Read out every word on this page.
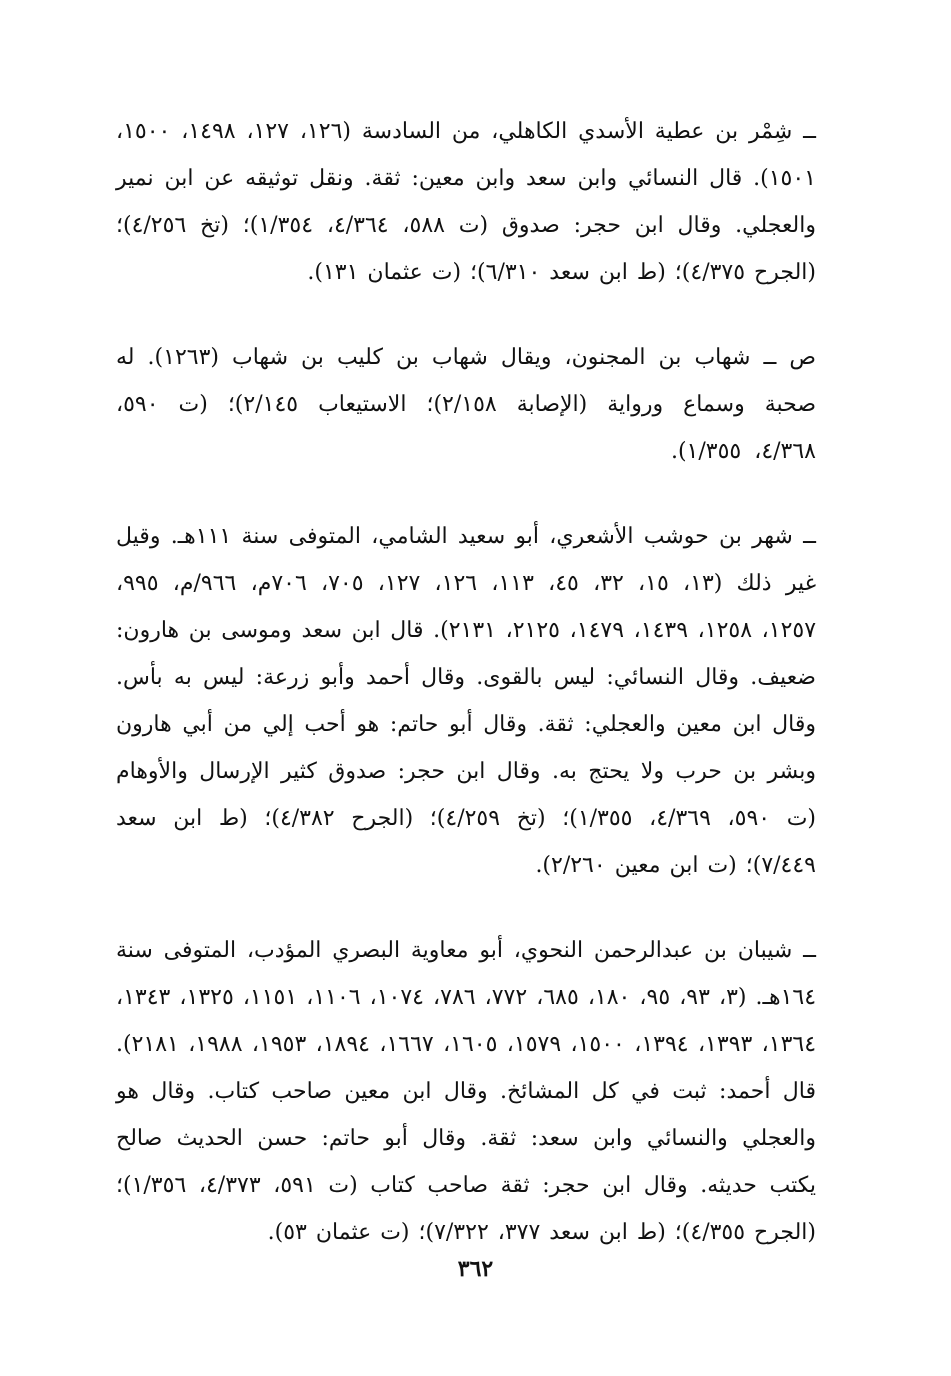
ــ شِمْر بن عطية الأسدي الكاهلي، من السادسة (١٢٦، ١٢٧، ١٤٩٨، ١٥٠٠، ١٥٠١). قال النسائي وابن سعد وابن معين: ثقة. ونقل توثيقه عن ابن نمير والعجلي. وقال ابن حجر: صدوق (ت ٥٨٨، ٤/٣٦٤، ١/٣٥٤)؛ (تخ ٤/٢٥٦)؛ (الجرح ٤/٣٧٥)؛ (ط ابن سعد ٦/٣١٠)؛ (ت عثمان ١٣١).

ص ــ شهاب بن المجنون، ويقال شهاب بن كليب بن شهاب (١٢٦٣). له صحبة وسماع ورواية (الإصابة ٢/١٥٨)؛ الاستيعاب ٢/١٤٥)؛ (ت ٥٩٠، ٤/٣٦٨، ١/٣٥٥).

ــ شهر بن حوشب الأشعري، أبو سعيد الشامي، المتوفى سنة ١١١هـ. وقيل غير ذلك (١٣، ١٥، ٣٢، ٤٥، ١١٣، ١٢٦، ١٢٧، ٧٠٥، ٧٠٦م، ٩٦٦/م، ٩٩٥، ١٢٥٧، ١٢٥٨، ١٤٣٩، ١٤٧٩، ٢١٢٥، ٢١٣١). قال ابن سعد وموسى بن هارون: ضعيف. وقال النسائي: ليس بالقوى. وقال أحمد وأبو زرعة: ليس به بأس. وقال ابن معين والعجلي: ثقة. وقال أبو حاتم: هو أحب إلي من أبي هارون وبشر بن حرب ولا يحتج به. وقال ابن حجر: صدوق كثير الإرسال والأوهام (ت ٥٩٠، ٤/٣٦٩، ١/٣٥٥)؛ (تخ ٤/٢٥٩)؛ (الجرح ٤/٣٨٢)؛ (ط ابن سعد ٧/٤٤٩)؛ (ت ابن معين ٢/٢٦٠).

ــ شيبان بن عبدالرحمن النحوي، أبو معاوية البصري المؤدب، المتوفى سنة ١٦٤هـ. (٣، ٩٣، ٩٥، ١٨٠، ٦٨٥، ٧٧٢، ٧٨٦، ١٠٧٤، ١١٠٦، ١١٥١، ١٣٢٥، ١٣٤٣، ١٣٦٤، ١٣٩٣، ١٣٩٤، ١٥٠٠، ١٥٧٩، ١٦٠٥، ١٦٦٧، ١٨٩٤، ١٩٥٣، ١٩٨٨، ٢١٨١). قال أحمد: ثبت في كل المشائخ. وقال ابن معين صاحب كتاب. وقال هو والعجلي والنسائي وابن سعد: ثقة. وقال أبو حاتم: حسن الحديث صالح يكتب حديثه. وقال ابن حجر: ثقة صاحب كتاب (ت ٥٩١، ٤/٣٧٣، ١/٣٥٦)؛ (الجرح ٤/٣٥٥)؛ (ط ابن سعد ٣٧٧، ٧/٣٢٢)؛ (ت عثمان ٥٣).

٣٦٢
